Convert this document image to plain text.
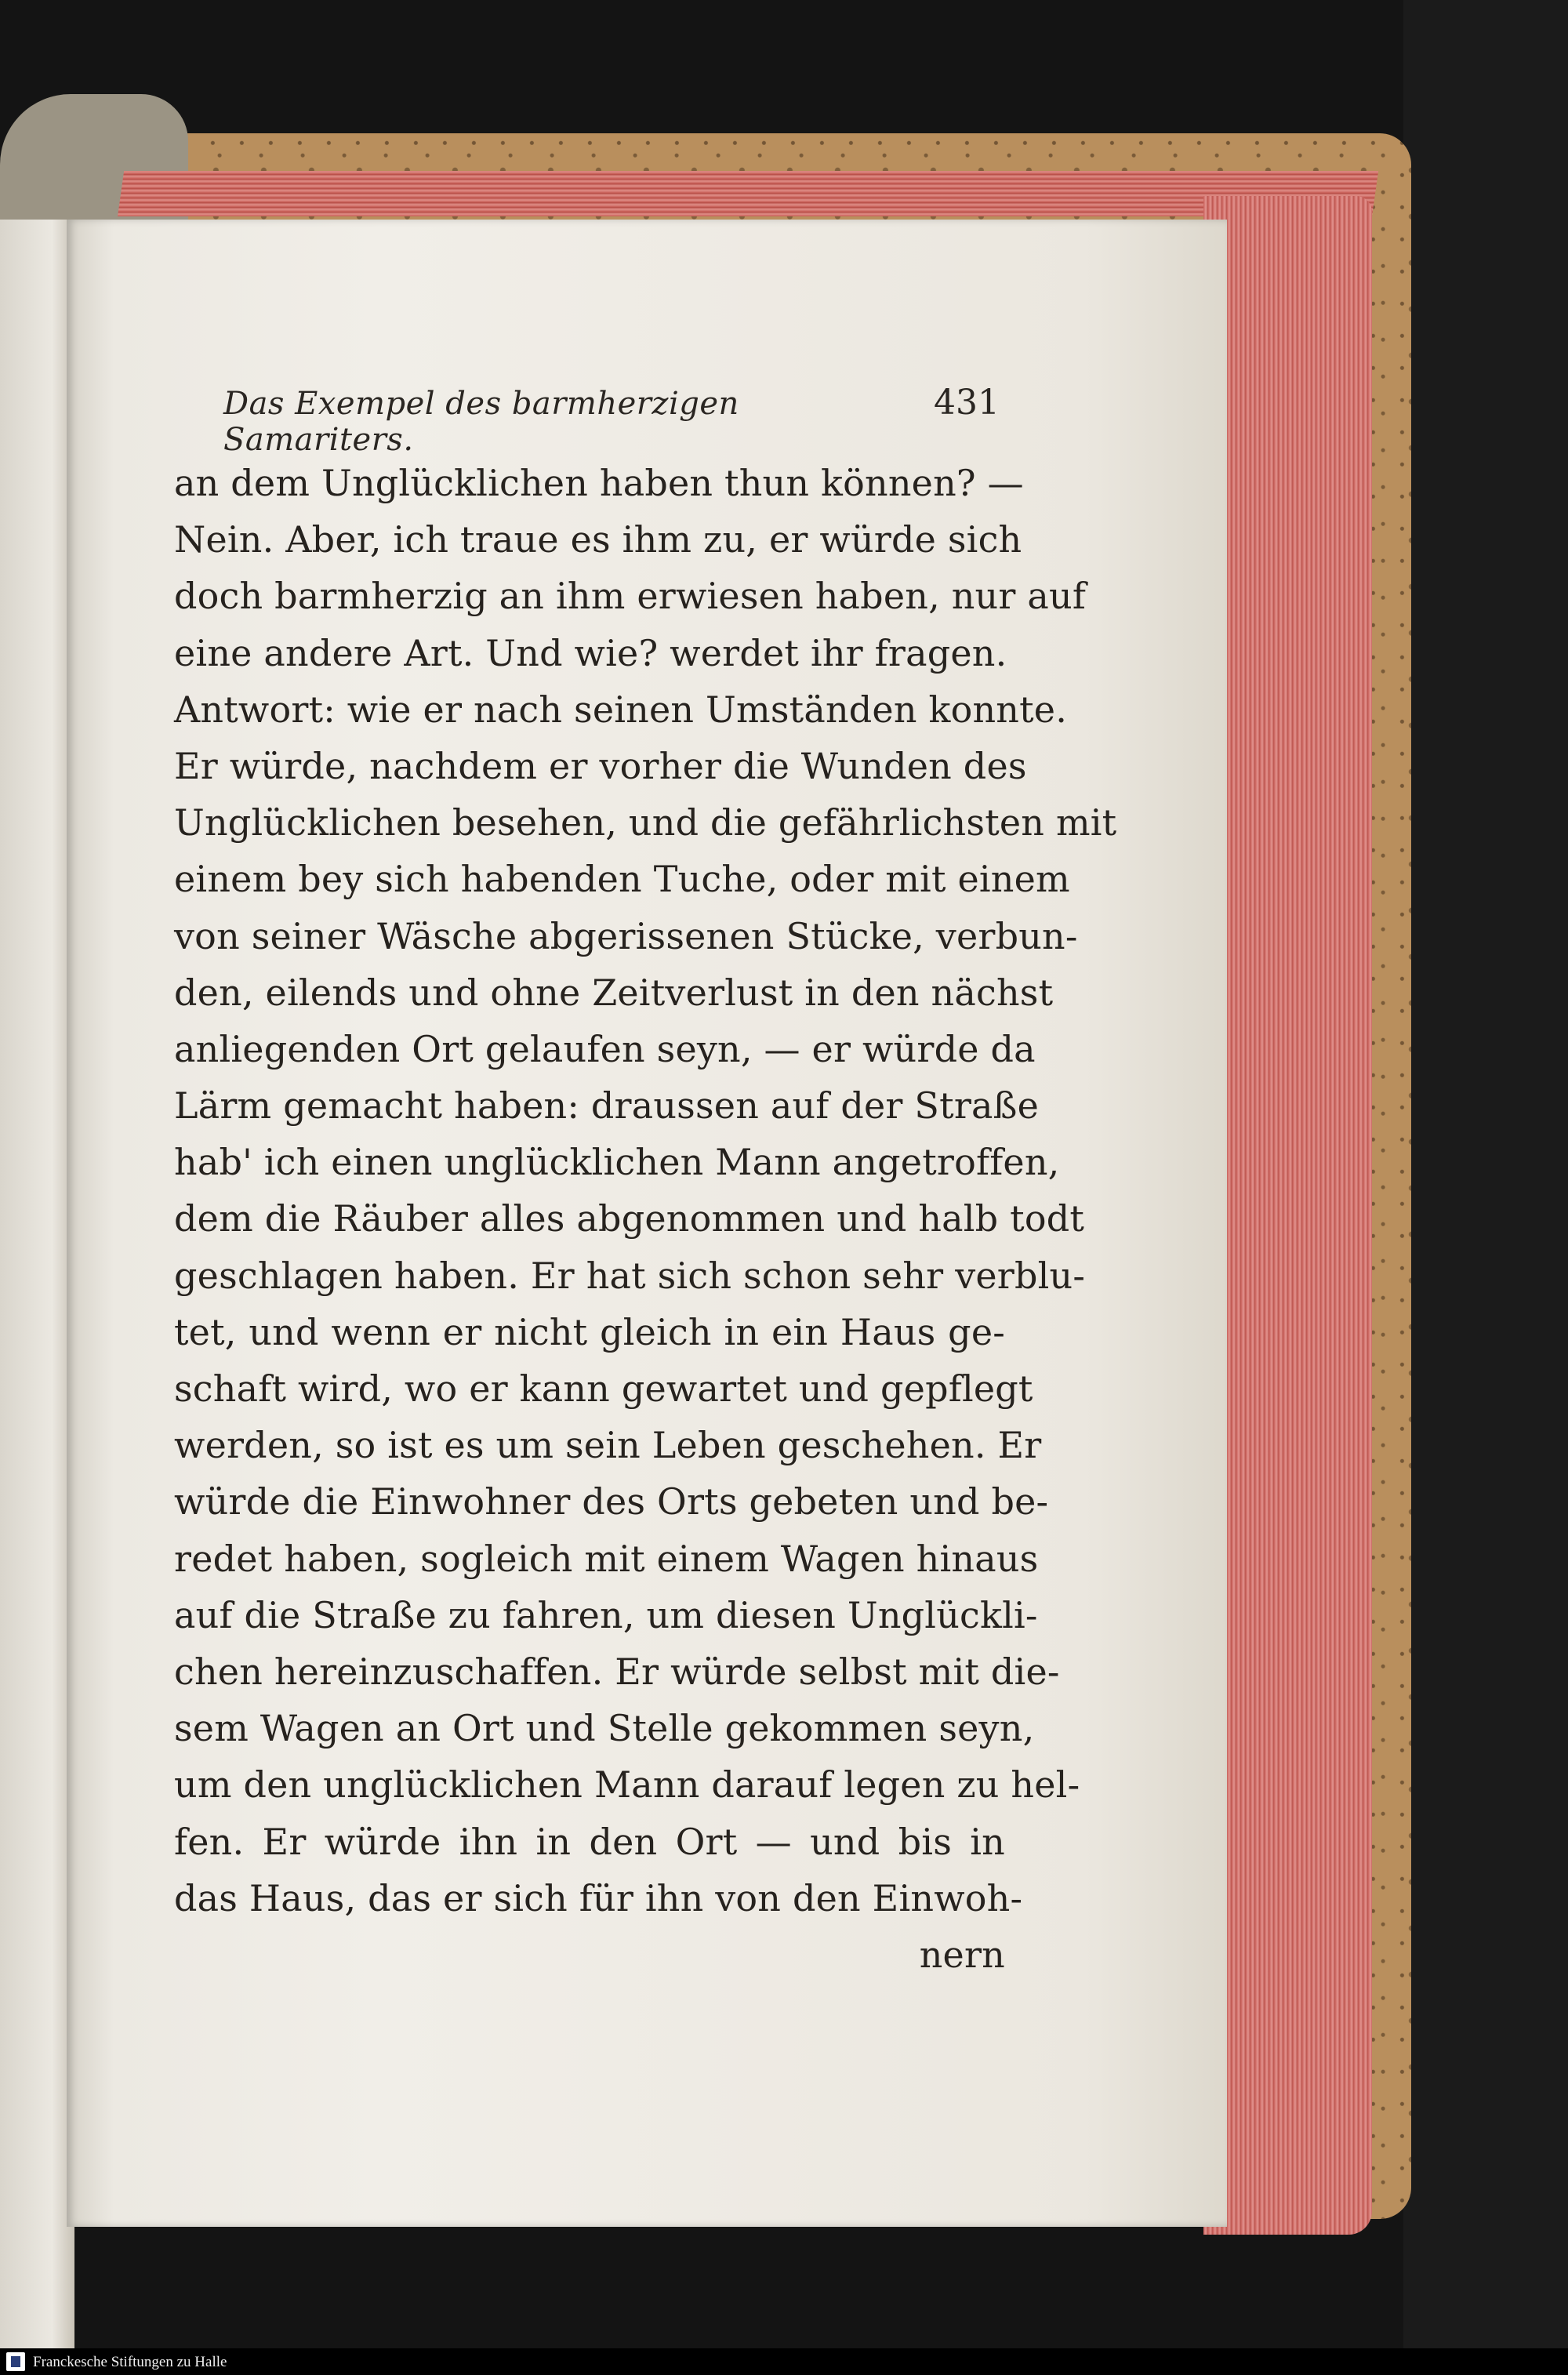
Das Exempel des barmherzigen Samariters.
431
an dem Unglücklichen haben thun können? —
Nein. Aber, ich traue es ihm zu, er würde sich
doch barmherzig an ihm erwiesen haben, nur auf
eine andere Art. Und wie? werdet ihr fragen.
Antwort: wie er nach seinen Umständen konnte.
Er würde, nachdem er vorher die Wunden des
Unglücklichen besehen, und die gefährlichsten mit
einem bey sich habenden Tuche, oder mit einem
von seiner Wäsche abgerissenen Stücke, verbun-
den, eilends und ohne Zeitverlust in den nächst
anliegenden Ort gelaufen seyn, — er würde da
Lärm gemacht haben: draussen auf der Straße
hab' ich einen unglücklichen Mann angetroffen,
dem die Räuber alles abgenommen und halb todt
geschlagen haben. Er hat sich schon sehr verblu-
tet, und wenn er nicht gleich in ein Haus ge-
schaft wird, wo er kann gewartet und gepflegt
werden, so ist es um sein Leben geschehen. Er
würde die Einwohner des Orts gebeten und be-
redet haben, sogleich mit einem Wagen hinaus
auf die Straße zu fahren, um diesen Unglückli-
chen hereinzuschaffen. Er würde selbst mit die-
sem Wagen an Ort und Stelle gekommen seyn,
um den unglücklichen Mann darauf legen zu hel-
fen. Er würde ihn in den Ort — und bis in
das Haus, das er sich für ihn von den Einwoh-
nern
Franckesche Stiftungen zu Halle
